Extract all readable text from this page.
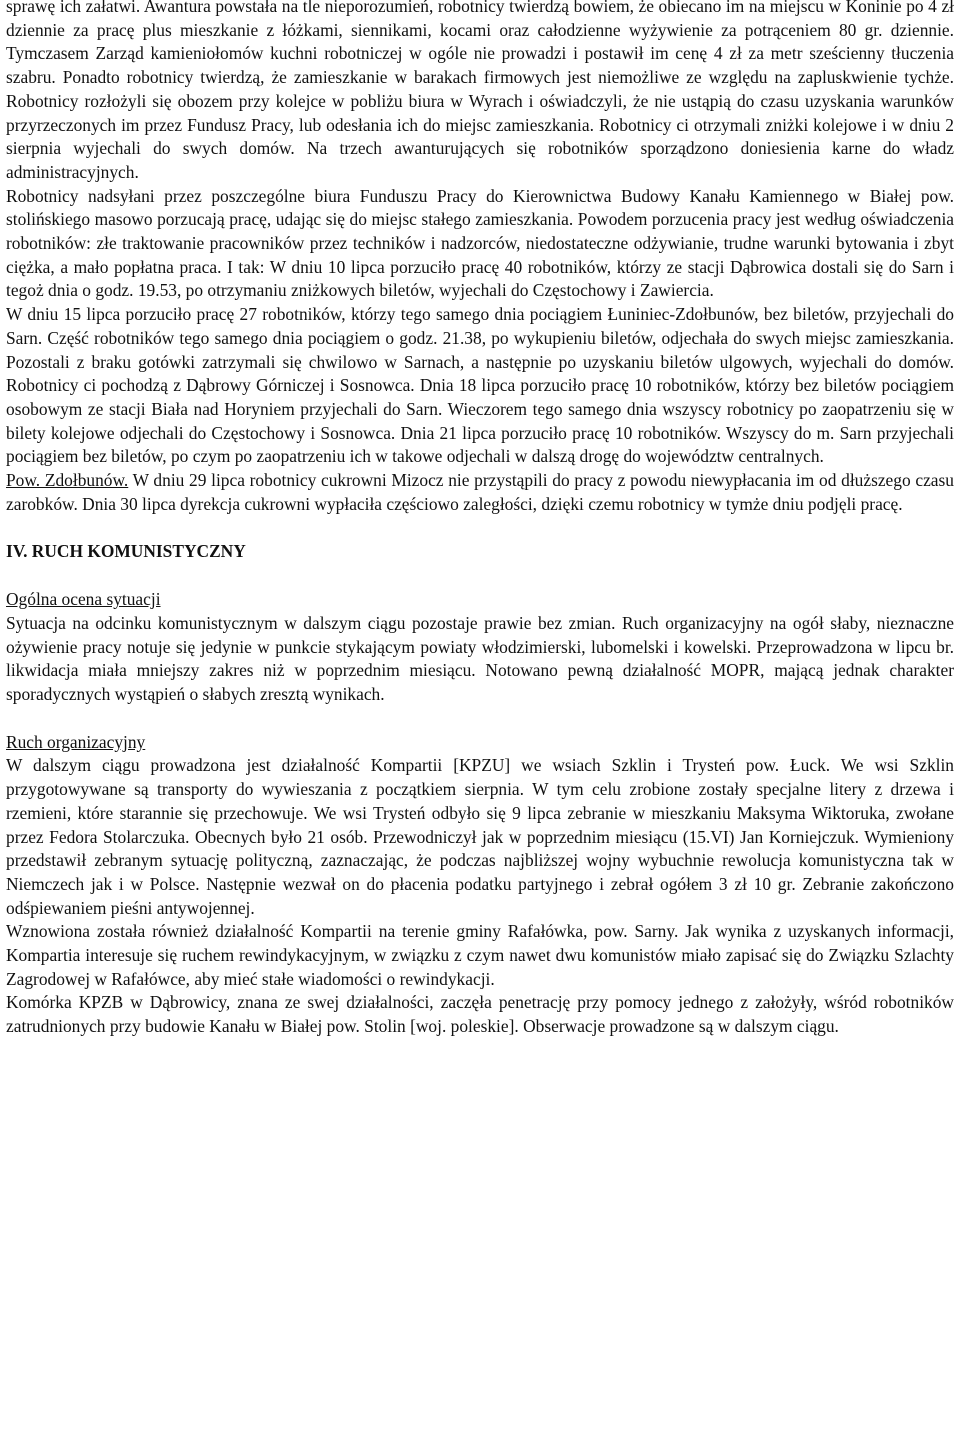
sprawę ich załatwi. Awantura powstała na tle nieporozumień, robotnicy twierdzą bowiem, że obiecano im na miejscu w Koninie po 4 zł dziennie za pracę plus mieszkanie z łóżkami, siennikami, kocami oraz całodzienne wyżywienie za potrąceniem 80 gr. dziennie. Tymczasem Zarząd kamieniołomów kuchni robotniczej w ogóle nie prowadzi i postawił im cenę 4 zł za metr sześcienny tłuczenia szabru. Ponadto robotnicy twierdzą, że zamieszkanie w barakach firmowych jest niemożliwe ze względu na zapluskwienie tychże. Robotnicy rozłożyli się obozem przy kolejce w pobliżu biura w Wyrach i oświadczyli, że nie ustąpią do czasu uzyskania warunków przyrzeczonych im przez Fundusz Pracy, lub odesłania ich do miejsc zamieszkania. Robotnicy ci otrzymali zniżki kolejowe i w dniu 2 sierpnia wyjechali do swych domów. Na trzech awanturujących się robotników sporządzono doniesienia karne do władz administracyjnych.

Robotnicy nadsyłani przez poszczególne biura Funduszu Pracy do Kierownictwa Budowy Kanału Kamiennego w Białej pow. stolińskiego masowo porzucają pracę, udając się do miejsc stałego zamieszkania. Powodem porzucenia pracy jest według oświadczenia robotników: złe traktowanie pracowników przez techników i nadzorców, niedostateczne odżywianie, trudne warunki bytowania i zbyt ciężka, a mało popłatna praca. I tak: W dniu 10 lipca porzuciło pracę 40 robotników, którzy ze stacji Dąbrowica dostali się do Sarn i tegoż dnia o godz. 19.53, po otrzymaniu zniżkowych biletów, wyjechali do Częstochowy i Zawiercia.

W dniu 15 lipca porzuciło pracę 27 robotników, którzy tego samego dnia pociągiem Łuniniec-Zdołbunów, bez biletów, przyjechali do Sarn. Część robotników tego samego dnia pociągiem o godz. 21.38, po wykupieniu biletów, odjechała do swych miejsc zamieszkania. Pozostali z braku gotówki zatrzymali się chwilowo w Sarnach, a następnie po uzyskaniu biletów ulgowych, wyjechali do domów. Robotnicy ci pochodzą z Dąbrowy Górniczej i Sosnowca. Dnia 18 lipca porzuciło pracę 10 robotników, którzy bez biletów pociągiem osobowym ze stacji Biała nad Horyniem przyjechali do Sarn. Wieczorem tego samego dnia wszyscy robotnicy po zaopatrzeniu się w bilety kolejowe odjechali do Częstochowy i Sosnowca. Dnia 21 lipca porzuciło pracę 10 robotników. Wszyscy do m. Sarn przyjechali pociągiem bez biletów, po czym po zaopatrzeniu ich w takowe odjechali w dalszą drogę do województw centralnych.

Pow. Zdołbunów. W dniu 29 lipca robotnicy cukrowni Mizocz nie przystąpili do pracy z powodu niewypłacania im od dłuższego czasu zarobków. Dnia 30 lipca dyrekcja cukrowni wypłaciła częściowo zaległości, dzięki czemu robotnicy w tymże dniu podjęli pracę.

IV. RUCH KOMUNISTYCZNY

Ogólna ocena sytuacji

Sytuacja na odcinku komunistycznym w dalszym ciągu pozostaje prawie bez zmian. Ruch organizacyjny na ogół słaby, nieznaczne ożywienie pracy notuje się jedynie w punkcie stykającym powiaty włodzimierski, lubomelski i kowelski. Przeprowadzona w lipcu br. likwidacja miała mniejszy zakres niż w poprzednim miesiącu. Notowano pewną działalność MOPR, mającą jednak charakter sporadycznych wystąpień o słabych zresztą wynikach.

Ruch organizacyjny

W dalszym ciągu prowadzona jest działalność Kompartii [KPZU] we wsiach Szklin i Trysteń pow. Łuck. We wsi Szklin przygotowywane są transporty do wywieszania z początkiem sierpnia. W tym celu zrobione zostały specjalne litery z drzewa i rzemieni, które starannie się przechowuje. We wsi Trysteń odbyło się 9 lipca zebranie w mieszkaniu Maksyma Wiktoruka, zwołane przez Fedora Stolarczuka. Obecnych było 21 osób. Przewodniczył jak w poprzednim miesiącu (15.VI) Jan Korniejczuk. Wymieniony przedstawił zebranym sytuację polityczną, zaznaczając, że podczas najbliższej wojny wybuchnie rewolucja komunistyczna tak w Niemczech jak i w Polsce. Następnie wezwał on do płacenia podatku partyjnego i zebrał ogółem 3 zł 10 gr. Zebranie zakończono odśpiewaniem pieśni antywojennej.

Wznowiona została również działalność Kompartii na terenie gminy Rafałówka, pow. Sarny. Jak wynika z uzyskanych informacji, Kompartia interesuje się ruchem rewindykacyjnym, w związku z czym nawet dwu komunistów miało zapisać się do Związku Szlachty Zagrodowej w Rafałówce, aby mieć stałe wiadomości o rewindykacji.

Komórka KPZB w Dąbrowicy, znana ze swej działalności, zaczęła penetrację przy pomocy jednego z założyły, wśród robotników zatrudnionych przy budowie Kanału w Białej pow. Stolin [woj. poleskie]. Obserwacje prowadzone są w dalszym ciągu.
